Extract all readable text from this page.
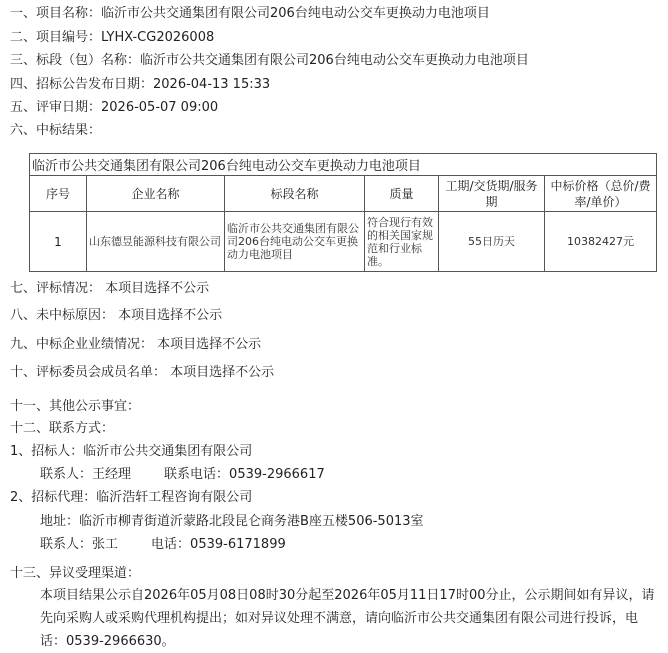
一、项目名称：临沂市公共交通集团有限公司206台纯电动公交车更换动力电池项目
二、项目编号：LYHX-CG2026008
三、标段（包）名称：临沂市公共交通集团有限公司206台纯电动公交车更换动力电池项目
四、招标公告发布日期：2026-04-13 15:33
五、评审日期：2026-05-07 09:00
六、中标结果：
临沂市公共交通集团有限公司206台纯电动公交车更换动力电池项目					
序号	企业名称	标段名称	质量	工期/交货期/服务期	中标价格（总价/费率/单价）
1	山东德昱能源科技有限公司	临沂市公共交通集团有限公司206台纯电动公交车更换动力电池项目	符合现行有效的相关国家规范和行业标准。	55日历天	10382427元
七、评标情况： 本项目选择不公示
八、未中标原因： 本项目选择不公示
九、中标企业业绩情况： 本项目选择不公示
十、评标委员会成员名单： 本项目选择不公示
十一、其他公示事宜：
十二、联系方式：
1、招标人：临沂市公共交通集团有限公司
联系人：王经理        联系电话：0539-2966617
2、招标代理：临沂浩轩工程咨询有限公司
地址：临沂市柳青街道沂蒙路北段昆仑商务港B座五楼506-5013室
联系人：张工        电话：0539-6171899
十三、异议受理渠道：
本项目结果公示自2026年05月08日08时30分起至2026年05月11日17时00分止，公示期间如有异议，请先向采购人或采购代理机构提出；如对异议处理不满意，请向临沂市公共交通集团有限公司进行投诉，电话：0539-2966630。
